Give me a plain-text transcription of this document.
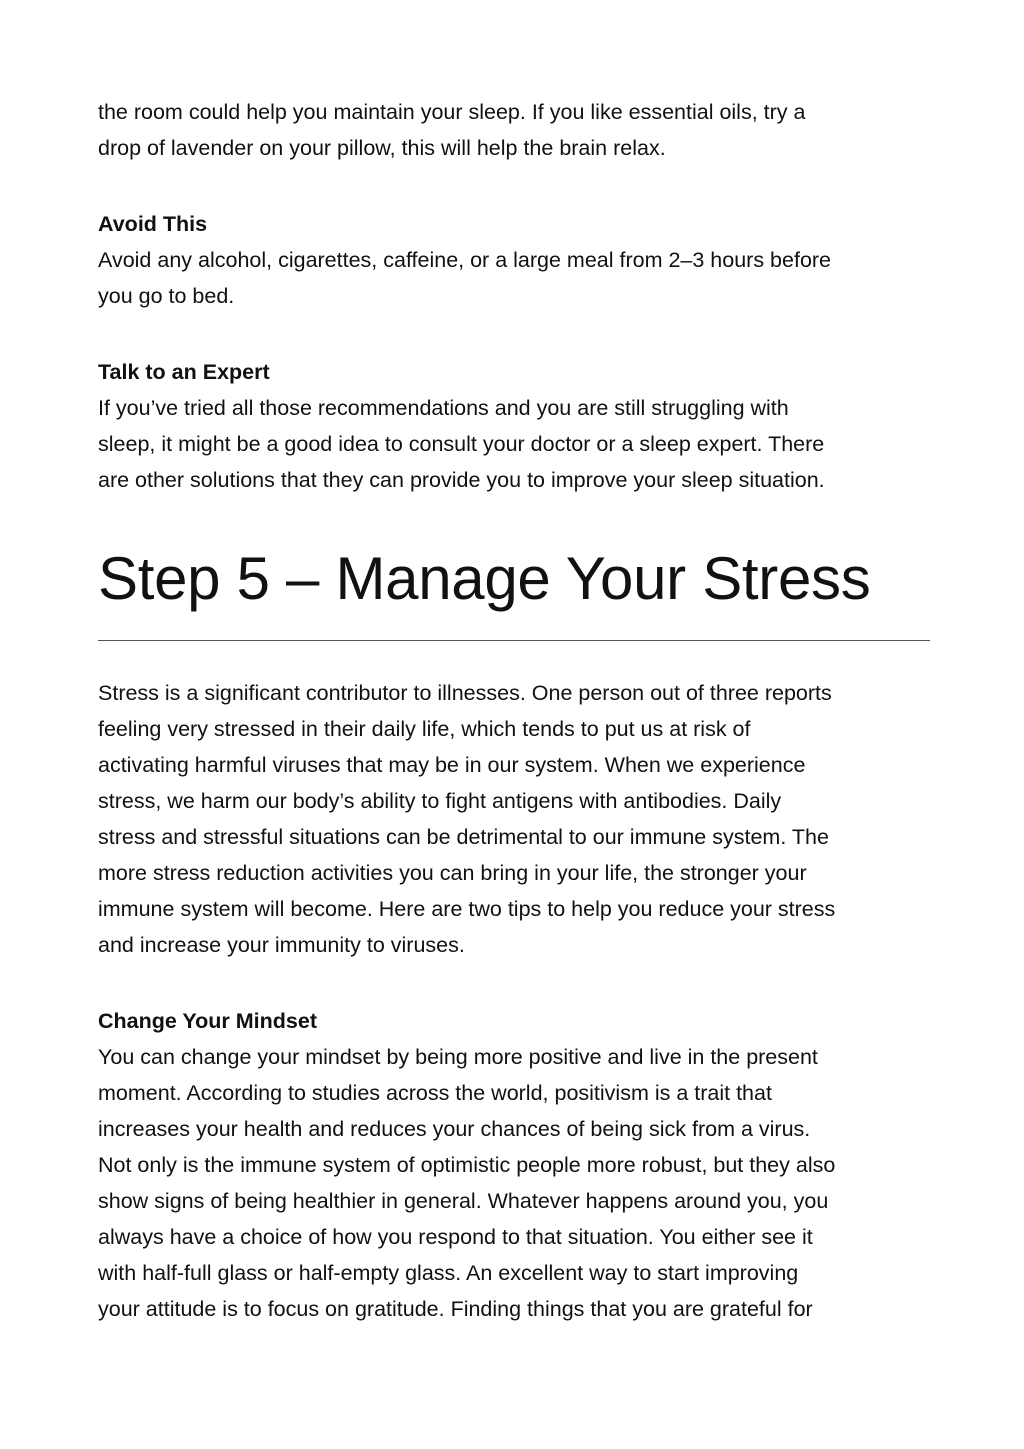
the room could help you maintain your sleep. If you like essential oils, try a
drop of lavender on your pillow, this will help the brain relax.

Avoid This

Avoid any alcohol, cigarettes, caffeine, or a large meal from 2–3 hours before
you go to bed.

Talk to an Expert

If you’ve tried all those recommendations and you are still struggling with
sleep, it might be a good idea to consult your doctor or a sleep expert. There
are other solutions that they can provide you to improve your sleep situation.

Step 5 – Manage Your Stress

Stress is a significant contributor to illnesses. One person out of three reports
feeling very stressed in their daily life, which tends to put us at risk of
activating harmful viruses that may be in our system. When we experience
stress, we harm our body’s ability to fight antigens with antibodies. Daily
stress and stressful situations can be detrimental to our immune system. The
more stress reduction activities you can bring in your life, the stronger your
immune system will become. Here are two tips to help you reduce your stress
and increase your immunity to viruses.

Change Your Mindset

You can change your mindset by being more positive and live in the present
moment. According to studies across the world, positivism is a trait that
increases your health and reduces your chances of being sick from a virus.
Not only is the immune system of optimistic people more robust, but they also
show signs of being healthier in general. Whatever happens around you, you
always have a choice of how you respond to that situation. You either see it
with half-full glass or half-empty glass. An excellent way to start improving
your attitude is to focus on gratitude. Finding things that you are grateful for
